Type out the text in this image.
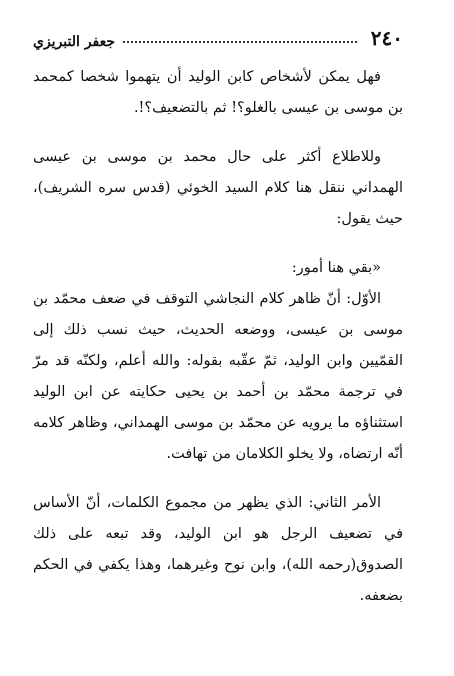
٢٤٠
جعفر التبريزي

فهل يمكن لأشخاص كابن الوليد أن يتهموا شخصا كمحمد بن موسى بن عيسى بالغلو؟! ثم بالتضعيف؟!.

وللاطلاع أكثر على حال محمد بن موسى بن عيسى الهمداني ننقل هنا كلام السيد الخوئي (قدس سره الشريف)، حيث يقول:

«بقي هنا أمور:

الأوّل: أنّ ظاهر كلام النجاشي التوقف في ضعف محمّد بن موسى بن عيسى، ووضعه الحديث، حيث نسب ذلك إلى القمّيين وابن الوليد، ثمّ عقّبه بقوله: والله أعلم، ولكنّه قد مرّ في ترجمة محمّد بن أحمد بن يحيى حكايته عن ابن الوليد استثناؤه ما يرويه عن محمّد بن موسى الهمداني، وظاهر كلامه أنّه ارتضاه، ولا يخلو الكلامان من تهافت.

الأمر الثاني: الذي يظهر من مجموع الكلمات، أنّ الأساس في تضعيف الرجل هو ابن الوليد، وقد تبعه على ذلك الصدوق(رحمه الله)، وابن نوح وغيرهما، وهذا يكفي في الحكم بضعفه.
